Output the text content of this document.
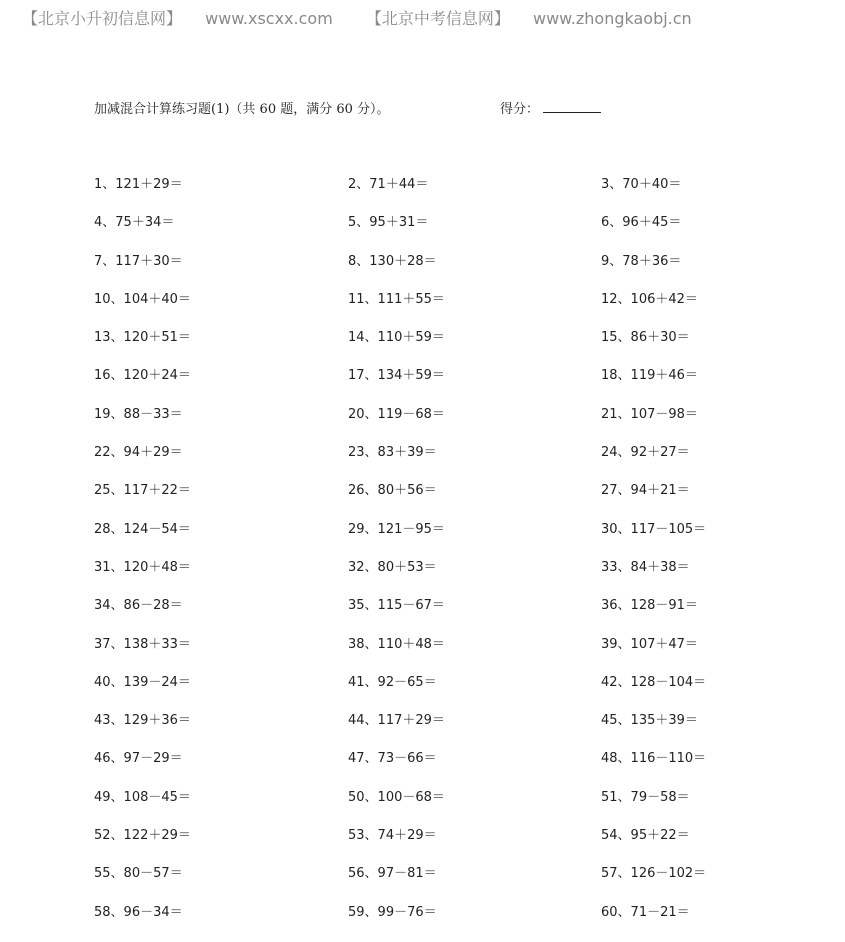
【北京小升初信息网】 www.xscxx.com 【北京中考信息网】 www.zhongkaobj.cn
加减混合计算练习题(1)（共 60 题，满分 60 分）。	得分：
1、121＋29＝	2、71＋44＝	3、70＋40＝
4、75＋34＝	5、95＋31＝	6、96＋45＝
7、117＋30＝	8、130＋28＝	9、78＋36＝
10、104＋40＝	11、111＋55＝	12、106＋42＝
13、120＋51＝	14、110＋59＝	15、86＋30＝
16、120＋24＝	17、134＋59＝	18、119＋46＝
19、88－33＝	20、119－68＝	21、107－98＝
22、94＋29＝	23、83＋39＝	24、92＋27＝
25、117＋22＝	26、80＋56＝	27、94＋21＝
28、124－54＝	29、121－95＝	30、117－105＝
31、120＋48＝	32、80＋53＝	33、84＋38＝
34、86－28＝	35、115－67＝	36、128－91＝
37、138＋33＝	38、110＋48＝	39、107＋47＝
40、139－24＝	41、92－65＝	42、128－104＝
43、129＋36＝	44、117＋29＝	45、135＋39＝
46、97－29＝	47、73－66＝	48、116－110＝
49、108－45＝	50、100－68＝	51、79－58＝
52、122＋29＝	53、74＋29＝	54、95＋22＝
55、80－57＝	56、97－81＝	57、126－102＝
58、96－34＝	59、99－76＝	60、71－21＝
